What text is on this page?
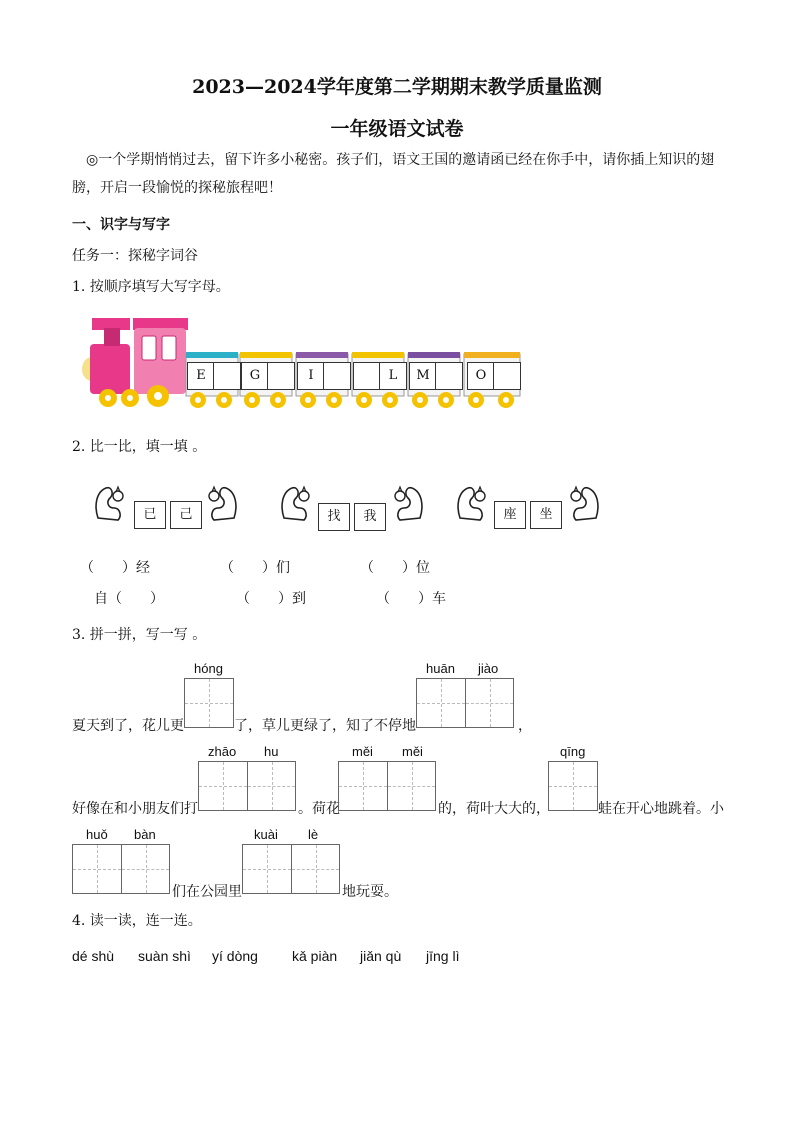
2023—2024学年度第二学期期末教学质量监测
一年级语文试卷
◎一个学期悄悄过去，留下许多小秘密。孩子们，语文王国的邀请函已经在你手中，请你插上知识的翅膀，开启一段愉悦的探秘旅程吧！
一、识字与写字
任务一：探秘字词谷
1. 按顺序填写大写字母。
E	G	I	L	M	O
2. 比一比，填一填 。
已	己	找	我	座	坐
（　　）经	（　　）们	（　　）位
自（　　）	（　　）到	（　　）车
3. 拼一拼，写一写 。
hóng	huān jiào
夏天到了，花儿更	了，草儿更绿了，知了不停地	，
zhāo hu	měi měi	qīng
好像在和小朋友们打	。荷花	的，荷叶大大的，	蛙在开心地跳着。小
huǒ bàn	kuài lè
们在公园里	地玩耍。
4. 读一读，连一连。
dé shù suàn shì yí dòng kǎ piàn jiǎn qù jīng lì
